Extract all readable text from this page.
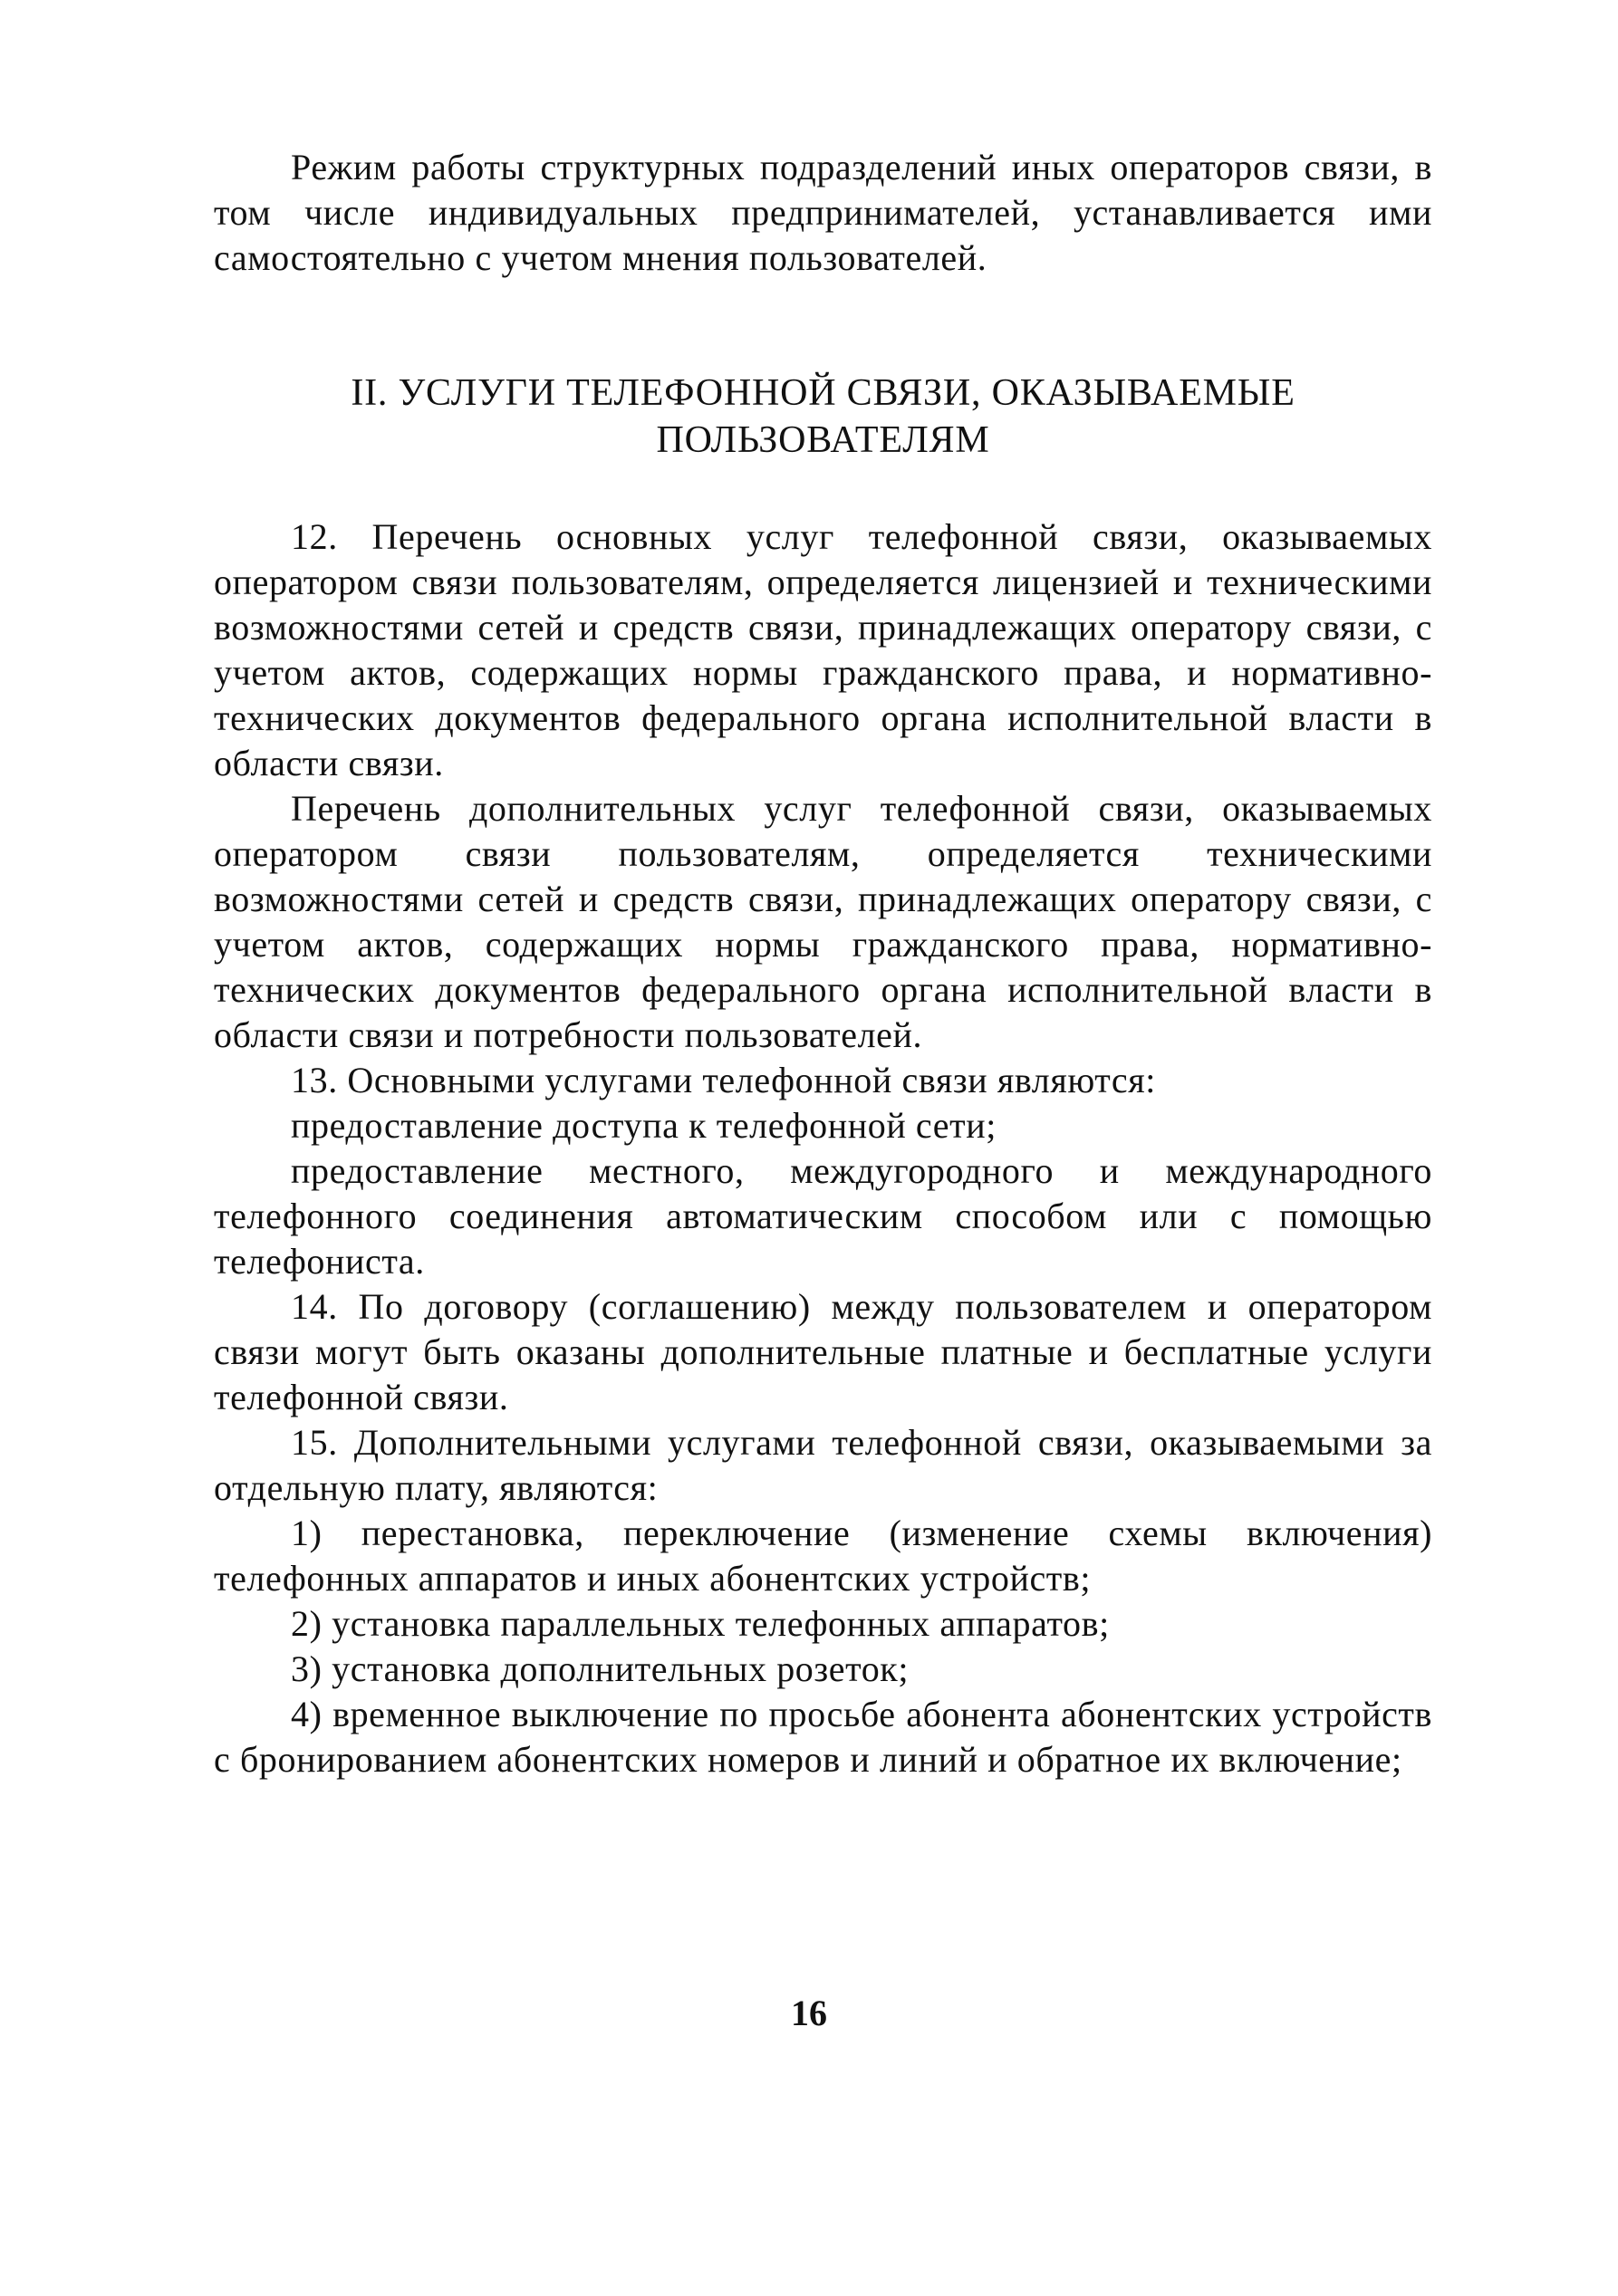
Режим работы структурных подразделений иных операторов связи, в том числе индивидуальных предпринимателей, устанавливается ими самостоятельно с учетом мнения пользователей.

II. УСЛУГИ ТЕЛЕФОННОЙ СВЯЗИ, ОКАЗЫВАЕМЫЕ
ПОЛЬЗОВАТЕЛЯМ

12. Перечень основных услуг телефонной связи, оказываемых оператором связи пользователям, определяется лицензией и техническими возможностями сетей и средств связи, принадлежащих оператору связи, с учетом актов, содержащих нормы гражданского права, и нормативно-технических документов федерального органа исполнительной власти в области связи.

Перечень дополнительных услуг телефонной связи, оказываемых оператором связи пользователям, определяется техническими возможностями сетей и средств связи, принадлежащих оператору связи, с учетом актов, содержащих нормы гражданского права, нормативно-технических документов федерального органа исполнительной власти в области связи и потребности пользователей.

13. Основными услугами телефонной связи являются:

предоставление доступа к телефонной сети;

предоставление местного, междугородного и международного телефонного соединения автоматическим способом или с помощью телефониста.

14. По договору (соглашению) между пользователем и оператором связи могут быть оказаны дополнительные платные и бесплатные услуги телефонной связи.

15. Дополнительными услугами телефонной связи, оказываемыми за отдельную плату, являются:

1) перестановка, переключение (изменение схемы включения) телефонных аппаратов и иных абонентских устройств;

2) установка параллельных телефонных аппаратов;

3) установка дополнительных розеток;

4) временное выключение по просьбе абонента абонентских устройств с бронированием абонентских номеров и линий и обратное их включение;

16
